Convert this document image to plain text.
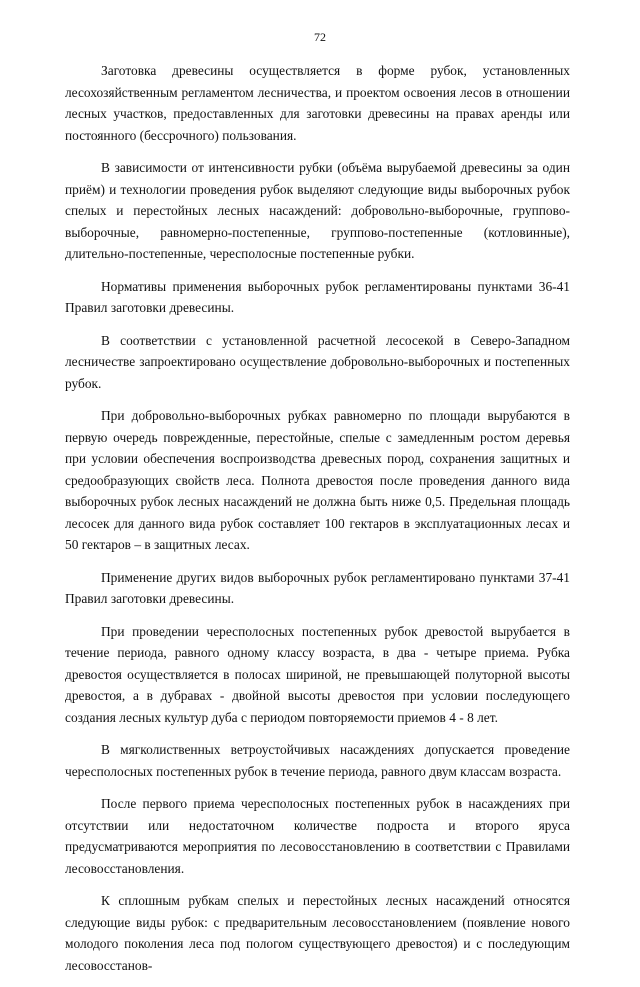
72

Заготовка древесины осуществляется в форме рубок, установленных лесохозяйственным регламентом лесничества, и проектом освоения лесов в отношении лесных участков, предоставленных для заготовки древесины на правах аренды или постоянного (бессрочного) пользования.

В зависимости от интенсивности рубки (объёма вырубаемой древесины за один приём) и технологии проведения рубок выделяют следующие виды выборочных рубок спелых и перестойных лесных насаждений: добровольно-выборочные, группово-выборочные, равномерно-постепенные, группово-постепенные (котловинные), длительно-постепенные, чересполосные постепенные рубки.

Нормативы применения выборочных рубок регламентированы пунктами 36-41 Правил заготовки древесины.

В соответствии с установленной расчетной лесосекой в Северо-Западном лесничестве запроектировано осуществление добровольно-выборочных и постепенных рубок.

При добровольно-выборочных рубках равномерно по площади вырубаются в первую очередь поврежденные, перестойные, спелые с замедленным ростом деревья при условии обеспечения воспроизводства древесных пород, сохранения защитных и средообразующих свойств леса. Полнота древостоя после проведения данного вида выборочных рубок лесных насаждений не должна быть ниже 0,5. Предельная площадь лесосек для данного вида рубок составляет 100 гектаров в эксплуатационных лесах и 50 гектаров – в защитных лесах.

Применение других видов выборочных рубок регламентировано пунктами 37-41 Правил заготовки древесины.

При проведении чересполосных постепенных рубок древостой вырубается в течение периода, равного одному классу возраста, в два - четыре приема. Рубка древостоя осуществляется в полосах шириной, не превышающей полуторной высоты древостоя, а в дубравах - двойной высоты древостоя при условии последующего создания лесных культур дуба с периодом повторяемости приемов 4 - 8 лет.

В мягколиственных ветроустойчивых насаждениях допускается проведение чересполосных постепенных рубок в течение периода, равного двум классам возраста.

После первого приема чересполосных постепенных рубок в насаждениях при отсутствии или недостаточном количестве подроста и второго яруса предусматриваются мероприятия по лесовосстановлению в соответствии с Правилами лесовосстановления.

К сплошным рубкам спелых и перестойных лесных насаждений относятся следующие виды рубок: с предварительным лесовосстановлением (появление нового молодого поколения леса под пологом существующего древостоя) и с последующим лесовосстанов-
